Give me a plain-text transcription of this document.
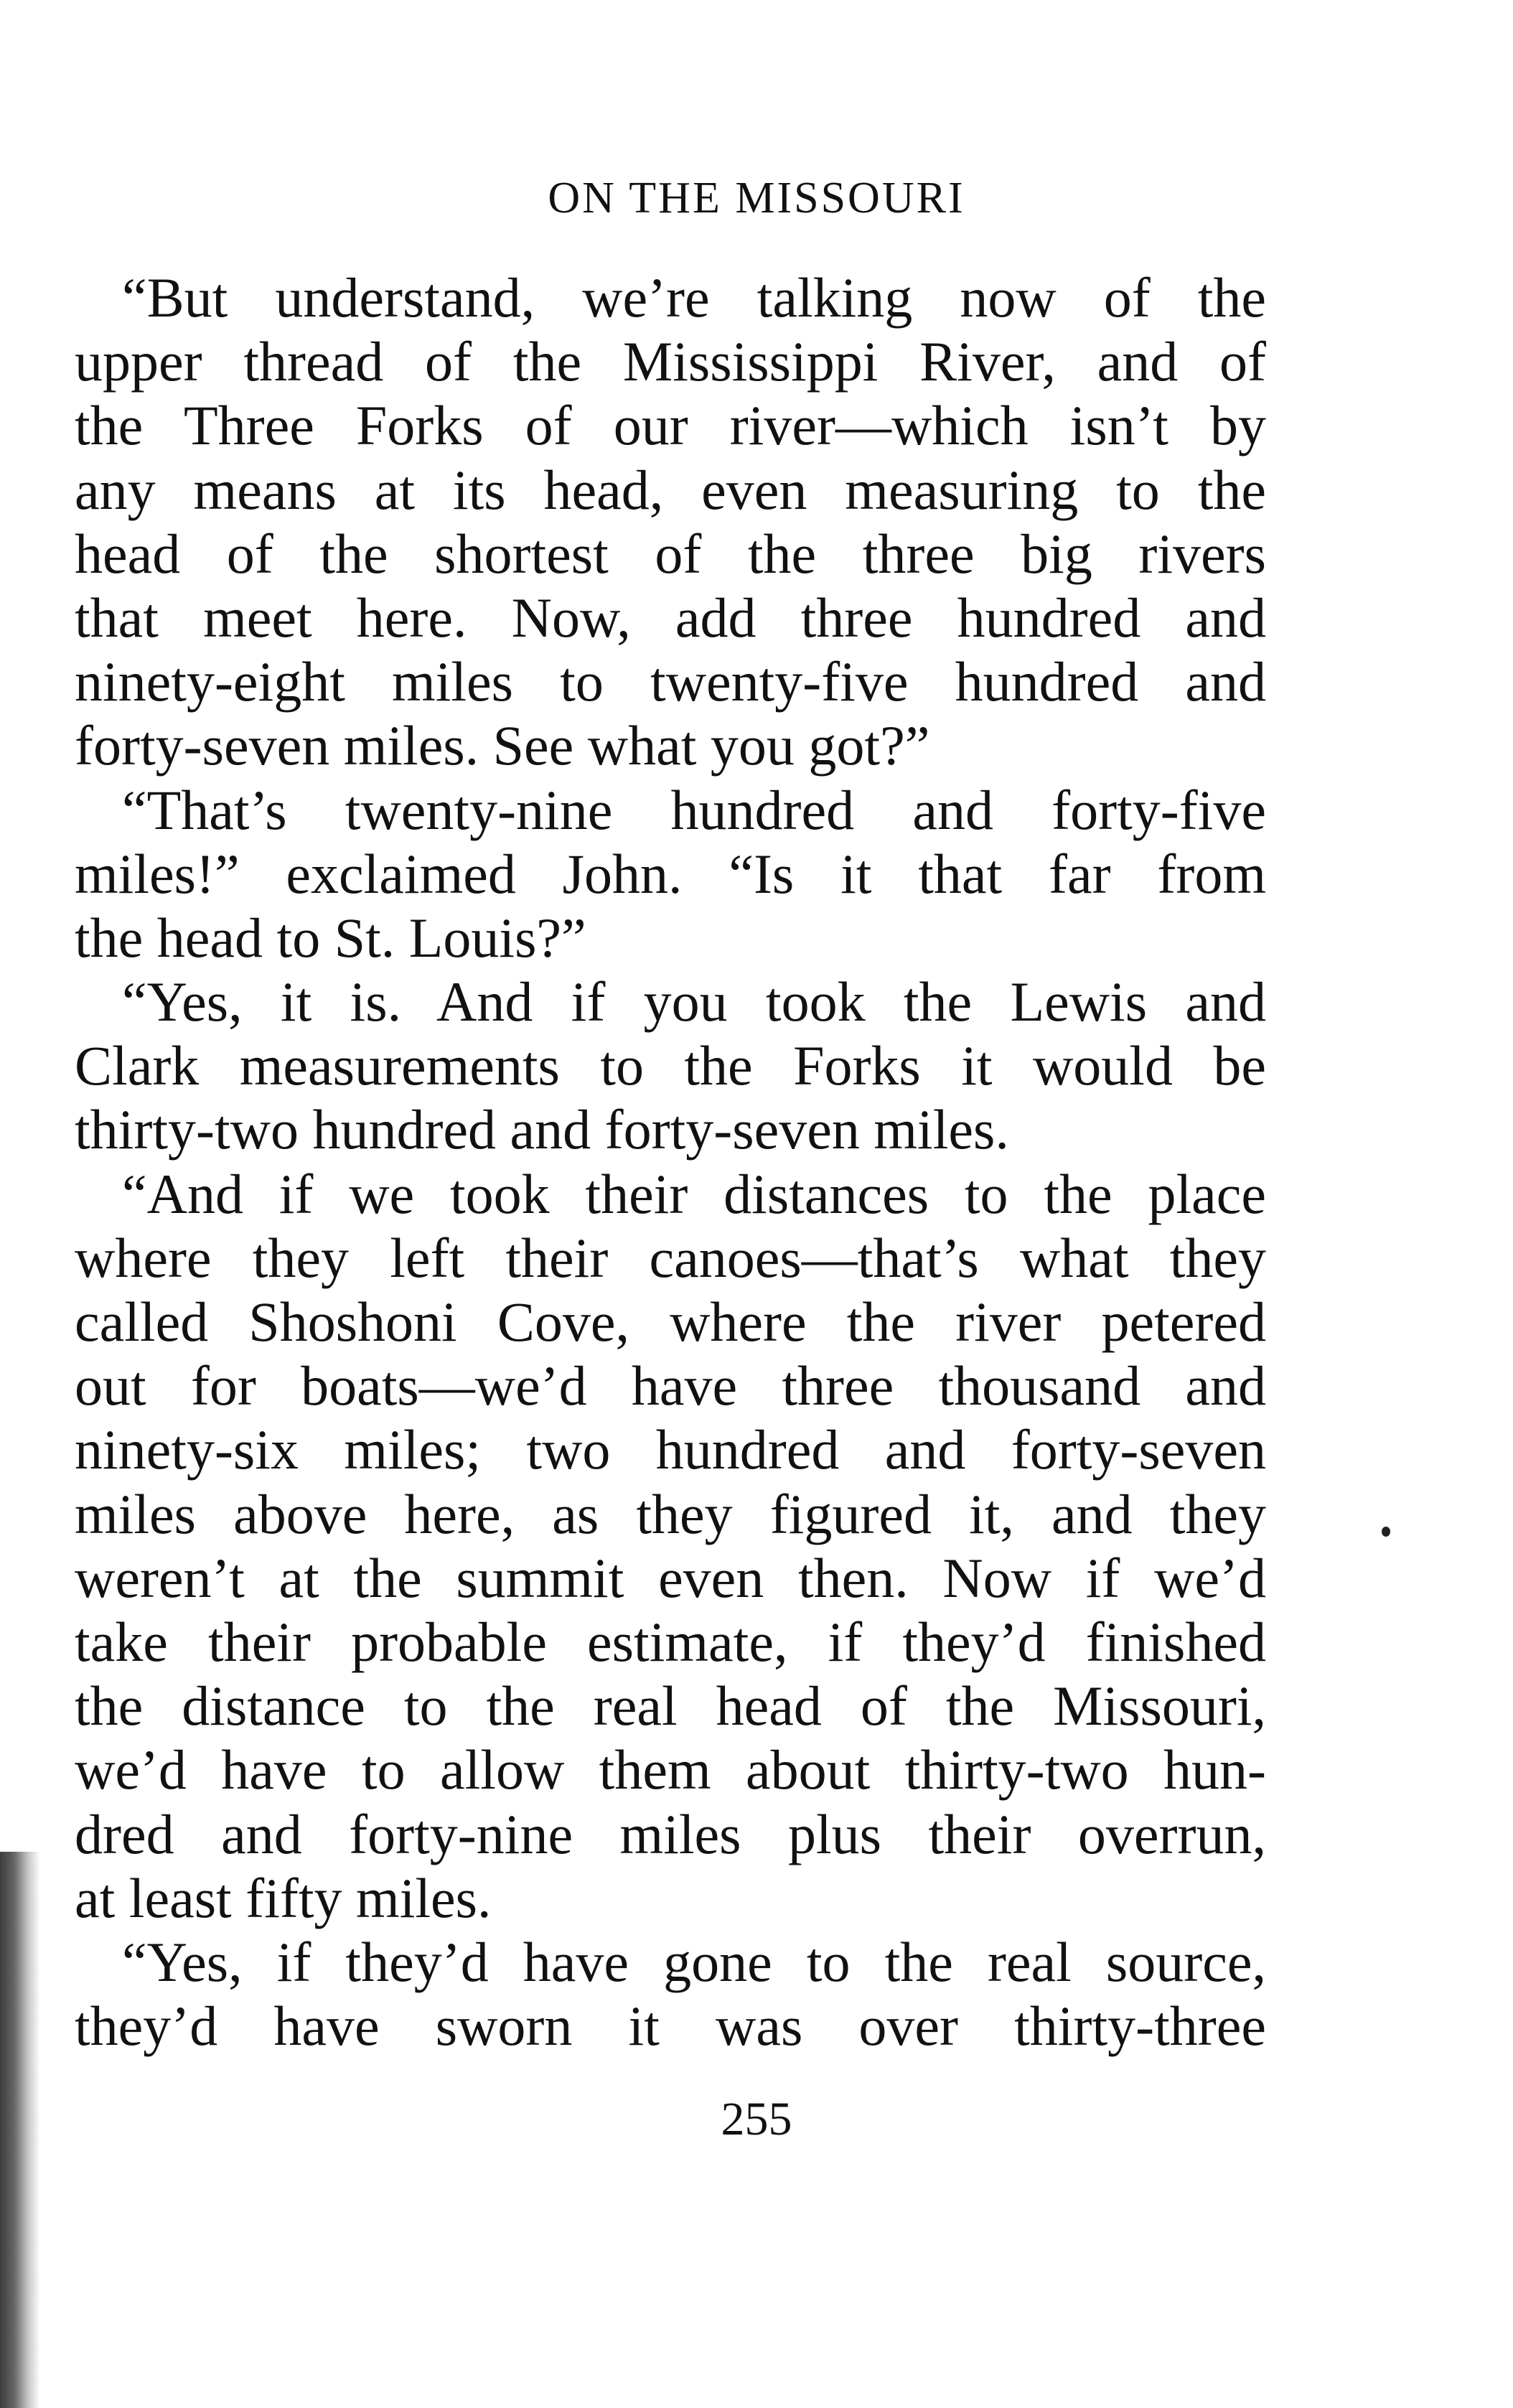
ON THE MISSOURI
“But understand, we’re talking now of the
upper thread of the Mississippi River, and of
the Three Forks of our river—which isn’t by
any means at its head, even measuring to the
head of the shortest of the three big rivers
that meet here. Now, add three hundred and
ninety-eight miles to twenty-five hundred and
forty-seven miles. See what you got?”
“That’s twenty-nine hundred and forty-five
miles!” exclaimed John. “Is it that far from
the head to St. Louis?”
“Yes, it is. And if you took the Lewis and
Clark measurements to the Forks it would be
thirty-two hundred and forty-seven miles.
“And if we took their distances to the place
where they left their canoes—that’s what they
called Shoshoni Cove, where the river petered
out for boats—we’d have three thousand and
ninety-six miles; two hundred and forty-seven
miles above here, as they figured it, and they
weren’t at the summit even then. Now if we’d
take their probable estimate, if they’d finished
the distance to the real head of the Missouri,
we’d have to allow them about thirty-two hun-
dred and forty-nine miles plus their overrun,
at least fifty miles.
“Yes, if they’d have gone to the real source,
they’d have sworn it was over thirty-three
255
